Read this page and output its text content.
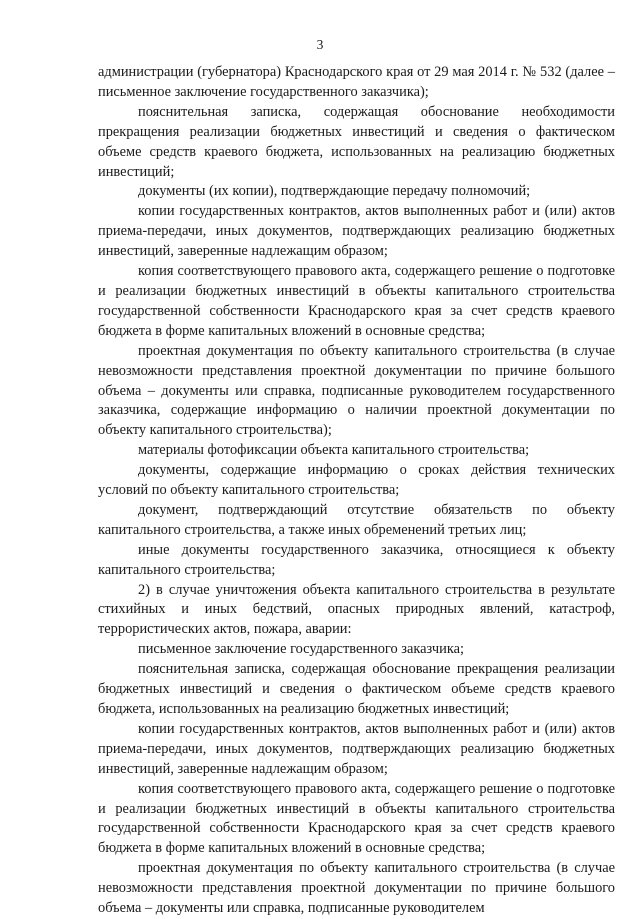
3

администрации (губернатора) Краснодарского края от 29 мая 2014 г. № 532 (далее – письменное заключение государственного заказчика);

пояснительная записка, содержащая обоснование необходимости прекращения реализации бюджетных инвестиций и сведения о фактическом объеме средств краевого бюджета, использованных на реализацию бюджетных инвестиций;

документы (их копии), подтверждающие передачу полномочий;

копии государственных контрактов, актов выполненных работ и (или) актов приема-передачи, иных документов, подтверждающих реализацию бюджетных инвестиций, заверенные надлежащим образом;

копия соответствующего правового акта, содержащего решение о подготовке и реализации бюджетных инвестиций в объекты капитального строительства государственной собственности Краснодарского края за счет средств краевого бюджета в форме капитальных вложений в основные средства;

проектная документация по объекту капитального строительства (в случае невозможности представления проектной документации по причине большого объема – документы или справка, подписанные руководителем государственного заказчика, содержащие информацию о наличии проектной документации по объекту капитального строительства);

материалы фотофиксации объекта капитального строительства;

документы, содержащие информацию о сроках действия технических условий по объекту капитального строительства;

документ, подтверждающий отсутствие обязательств по объекту капитального строительства, а также иных обременений третьих лиц;

иные документы государственного заказчика, относящиеся к объекту капитального строительства;

2) в случае уничтожения объекта капитального строительства в результате стихийных и иных бедствий, опасных природных явлений, катастроф, террористических актов, пожара, аварии:

письменное заключение государственного заказчика;

пояснительная записка, содержащая обоснование прекращения реализации бюджетных инвестиций и сведения о фактическом объеме средств краевого бюджета, использованных на реализацию бюджетных инвестиций;

копии государственных контрактов, актов выполненных работ и (или) актов приема-передачи, иных документов, подтверждающих реализацию бюджетных инвестиций, заверенные надлежащим образом;

копия соответствующего правового акта, содержащего решение о подготовке и реализации бюджетных инвестиций в объекты капитального строительства государственной собственности Краснодарского края за счет средств краевого бюджета в форме капитальных вложений в основные средства;

проектная документация по объекту капитального строительства (в случае невозможности представления проектной документации по причине большого объема – документы или справка, подписанные руководителем
